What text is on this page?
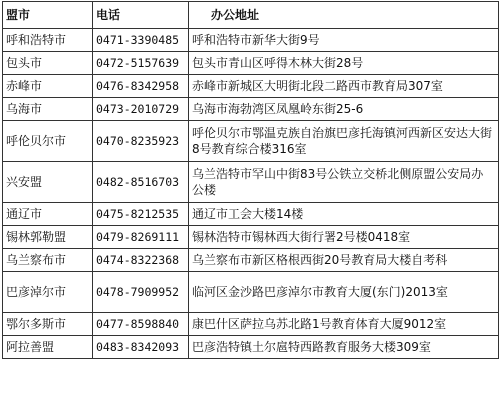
盟市	电话	办公地址
呼和浩特市	0471-3390485	呼和浩特市新华大街9号
包头市	0472-5157639	包头市青山区呼得木林大街28号
赤峰市	0476-8342958	赤峰市新城区大明街北段二路西市教育局307室
乌海市	0473-2010729	乌海市海勃湾区凤凰岭东街25-6
呼伦贝尔市	0470-8235923	呼伦贝尔市鄂温克族自治旗巴彦托海镇河西新区安达大街8号教育综合楼316室
兴安盟	0482-8516703	乌兰浩特市罕山中街83号公铁立交桥北侧原盟公安局办公楼
通辽市	0475-8212535	通辽市工会大楼14楼
锡林郭勒盟	0479-8269111	锡林浩特市锡林西大街行署2号楼0418室
乌兰察布市	0474-8322368	乌兰察布市新区格根西街20号教育局大楼自考科
巴彦淖尔市	0478-7909952	临河区金沙路巴彦淖尔市教育大厦(东门)2013室
鄂尔多斯市	0477-8598840	康巴什区萨拉乌苏北路1号教育体育大厦9012室
阿拉善盟	0483-8342093	巴彦浩特镇土尔扈特西路教育服务大楼309室
